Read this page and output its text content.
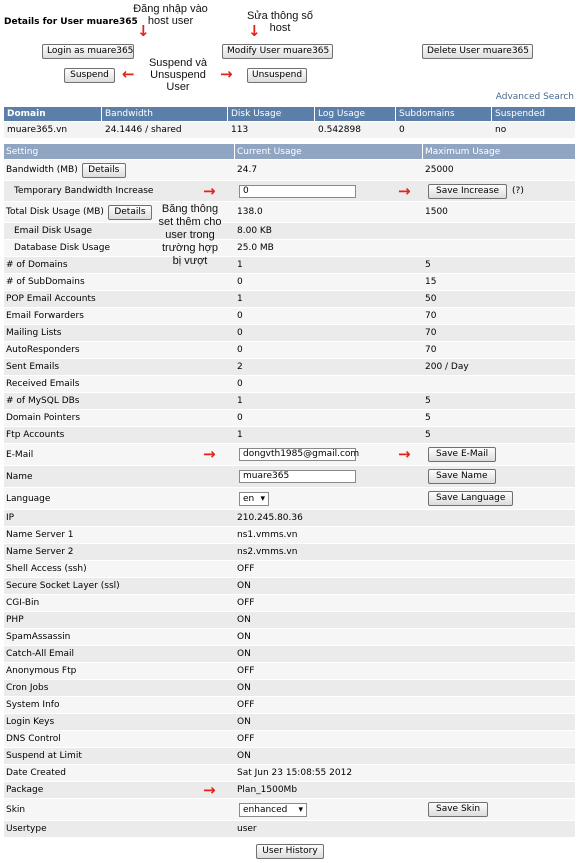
Details for User muare365
Login as muare365	Modify User muare365	Delete User muare365
Suspend	Unsuspend
Đăng nhập vào host user	Sửa thông số host
Suspend và Unsuspend User
↓	↓
←	→
Advanced Search
Domain	Bandwidth	Disk Usage	Log Usage	Subdomains	Suspended
muare365.vn	24.1446 / shared	113	0.542898	0	no
Setting	Current Usage	Maximum Usage
Bandwidth (MB)	Details	24.7	25000
Temporary Bandwidth Increase	0	Save Increase	(?)
Total Disk Usage (MB)	Details	138.0	1500
Email Disk Usage	8.00 KB
Database Disk Usage	25.0 MB
# of Domains	1	5
# of SubDomains	0	15
POP Email Accounts	1	50
Email Forwarders	0	70
Mailing Lists	0	70
AutoResponders	0	70
Sent Emails	2	200 / Day
Received Emails	0
# of MySQL DBs	1	5
Domain Pointers	0	5
Ftp Accounts	1	5
E-Mail	dongvth1985@gmail.com	Save E-Mail
Name	muare365	Save Name
Language	en ▾	Save Language
IP	210.245.80.36
Name Server 1	ns1.vmms.vn
Name Server 2	ns2.vmms.vn
Shell Access (ssh)	OFF
Secure Socket Layer (ssl)	ON
CGI-Bin	OFF
PHP	ON
SpamAssassin	ON
Catch-All Email	ON
Anonymous Ftp	OFF
Cron Jobs	ON
System Info	OFF
Login Keys	ON
DNS Control	OFF
Suspend at Limit	ON
Date Created	Sat Jun 23 15:08:55 2012
Package	Plan_1500Mb
Skin	enhanced ▾	Save Skin
Usertype	user
Băng thông set thêm cho user trong trường hợp bị vượt
User History
→	→
→	→
→
